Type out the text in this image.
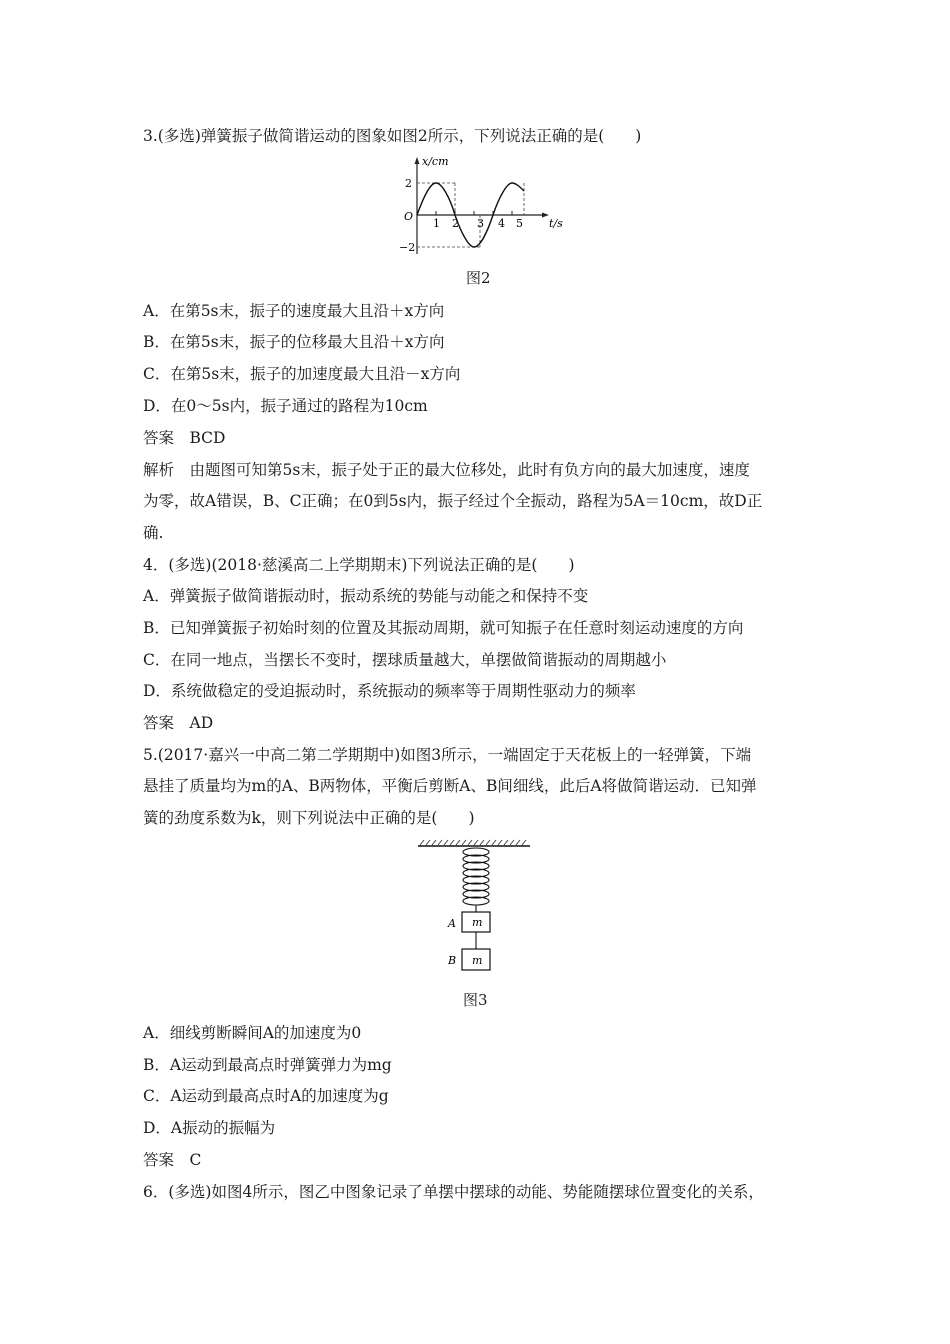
3.(多选)弹簧振子做简谐运动的图象如图2所示，下列说法正确的是(　　)
x/cm
t/s
O
2
−2
1 2 3 4 5
图2
A．在第5s末，振子的速度最大且沿＋x方向
B．在第5s末，振子的位移最大且沿＋x方向
C．在第5s末，振子的加速度最大且沿－x方向
D．在0～5s内，振子通过的路程为10cm
答案　BCD
解析　由题图可知第5s末，振子处于正的最大位移处，此时有负方向的最大加速度，速度
为零，故A错误，B、C正确；在0到5s内，振子经过个全振动，路程为5A＝10cm，故D正
确.
4．(多选)(2018·慈溪高二上学期期末)下列说法正确的是(　　)
A．弹簧振子做简谐振动时，振动系统的势能与动能之和保持不变
B．已知弹簧振子初始时刻的位置及其振动周期，就可知振子在任意时刻运动速度的方向
C．在同一地点，当摆长不变时，摆球质量越大，单摆做简谐振动的周期越小
D．系统做稳定的受迫振动时，系统振动的频率等于周期性驱动力的频率
答案　AD
5.(2017·嘉兴一中高二第二学期期中)如图3所示，一端固定于天花板上的一轻弹簧，下端
悬挂了质量均为m的A、B两物体，平衡后剪断A、B间细线，此后A将做简谐运动．已知弹
簧的劲度系数为k，则下列说法中正确的是(　　)
m
A
m
B
图3
A．细线剪断瞬间A的加速度为0
B．A运动到最高点时弹簧弹力为mg
C．A运动到最高点时A的加速度为g
D．A振动的振幅为
答案　C
6．(多选)如图4所示，图乙中图象记录了单摆中摆球的动能、势能随摆球位置变化的关系，
